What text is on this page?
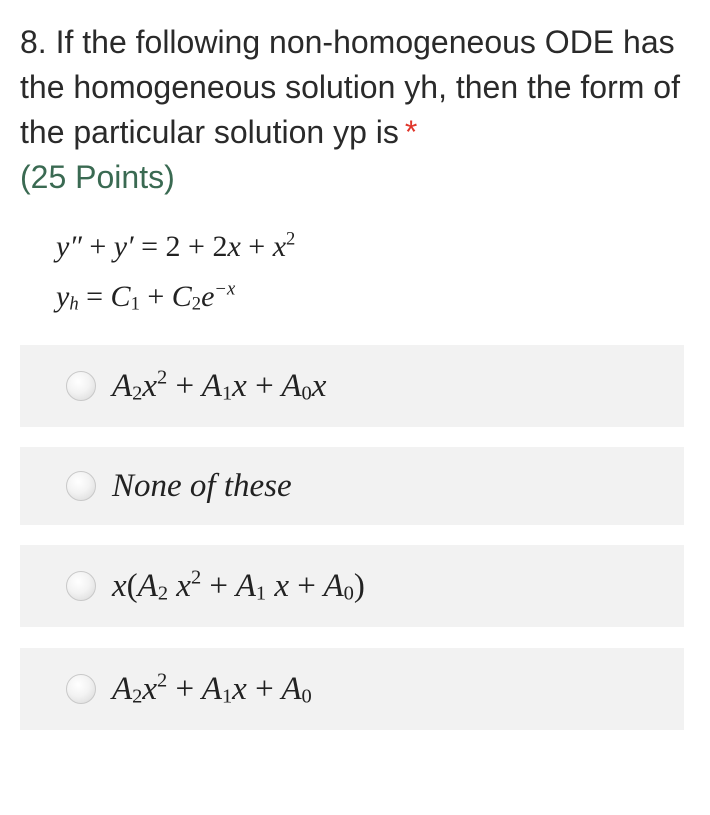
8. If the following non-homogeneous ODE has the homogeneous solution yh, then the form of the particular solution yp is *
(25 Points)
$y'' + y' = 2 + 2x + x^2$
$y_h = C_1 + C_2e^{-x}$
$A_2x^2 + A_1x + A_0x$
None of these
$x(A_2$ $x^2 + A_1$ $x + A_0$)
$A_2x^2 + A_1x + A_0$
